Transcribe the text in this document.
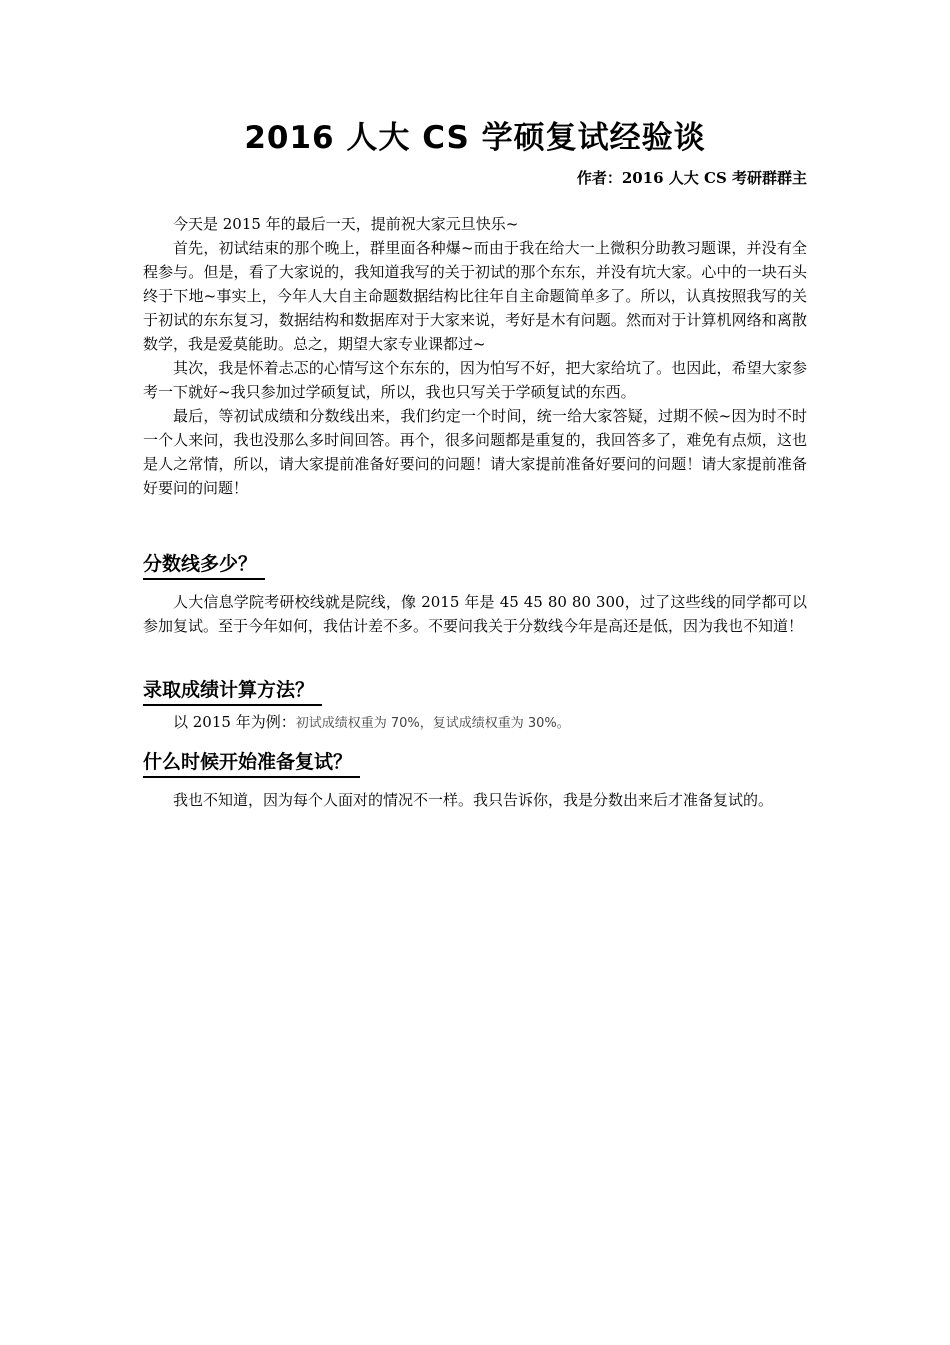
2016 人大 CS 学硕复试经验谈
作者：2016 人大 CS 考研群群主

今天是 2015 年的最后一天，提前祝大家元旦快乐~

首先，初试结束的那个晚上，群里面各种爆~而由于我在给大一上微积分助教习题课，并没有全程参与。但是，看了大家说的，我知道我写的关于初试的那个东东，并没有坑大家。心中的一块石头终于下地~事实上，今年人大自主命题数据结构比往年自主命题简单多了。所以，认真按照我写的关于初试的东东复习，数据结构和数据库对于大家来说，考好是木有问题。然而对于计算机网络和离散数学，我是爱莫能助。总之，期望大家专业课都过~

其次，我是怀着忐忑的心情写这个东东的，因为怕写不好，把大家给坑了。也因此，希望大家参考一下就好~我只参加过学硕复试，所以，我也只写关于学硕复试的东西。

最后，等初试成绩和分数线出来，我们约定一个时间，统一给大家答疑，过期不候~因为时不时一个人来问，我也没那么多时间回答。再个，很多问题都是重复的，我回答多了，难免有点烦，这也是人之常情，所以，请大家提前准备好要问的问题！请大家提前准备好要问的问题！请大家提前准备好要问的问题！

分数线多少？

人大信息学院考研校线就是院线，像 2015 年是 45 45 80 80 300，过了这些线的同学都可以参加复试。至于今年如何，我估计差不多。不要问我关于分数线今年是高还是低，因为我也不知道！

录取成绩计算方法？
以 2015 年为例：初试成绩权重为 70%，复试成绩权重为 30%。
什么时候开始准备复试？

我也不知道，因为每个人面对的情况不一样。我只告诉你，我是分数出来后才准备复试的。
